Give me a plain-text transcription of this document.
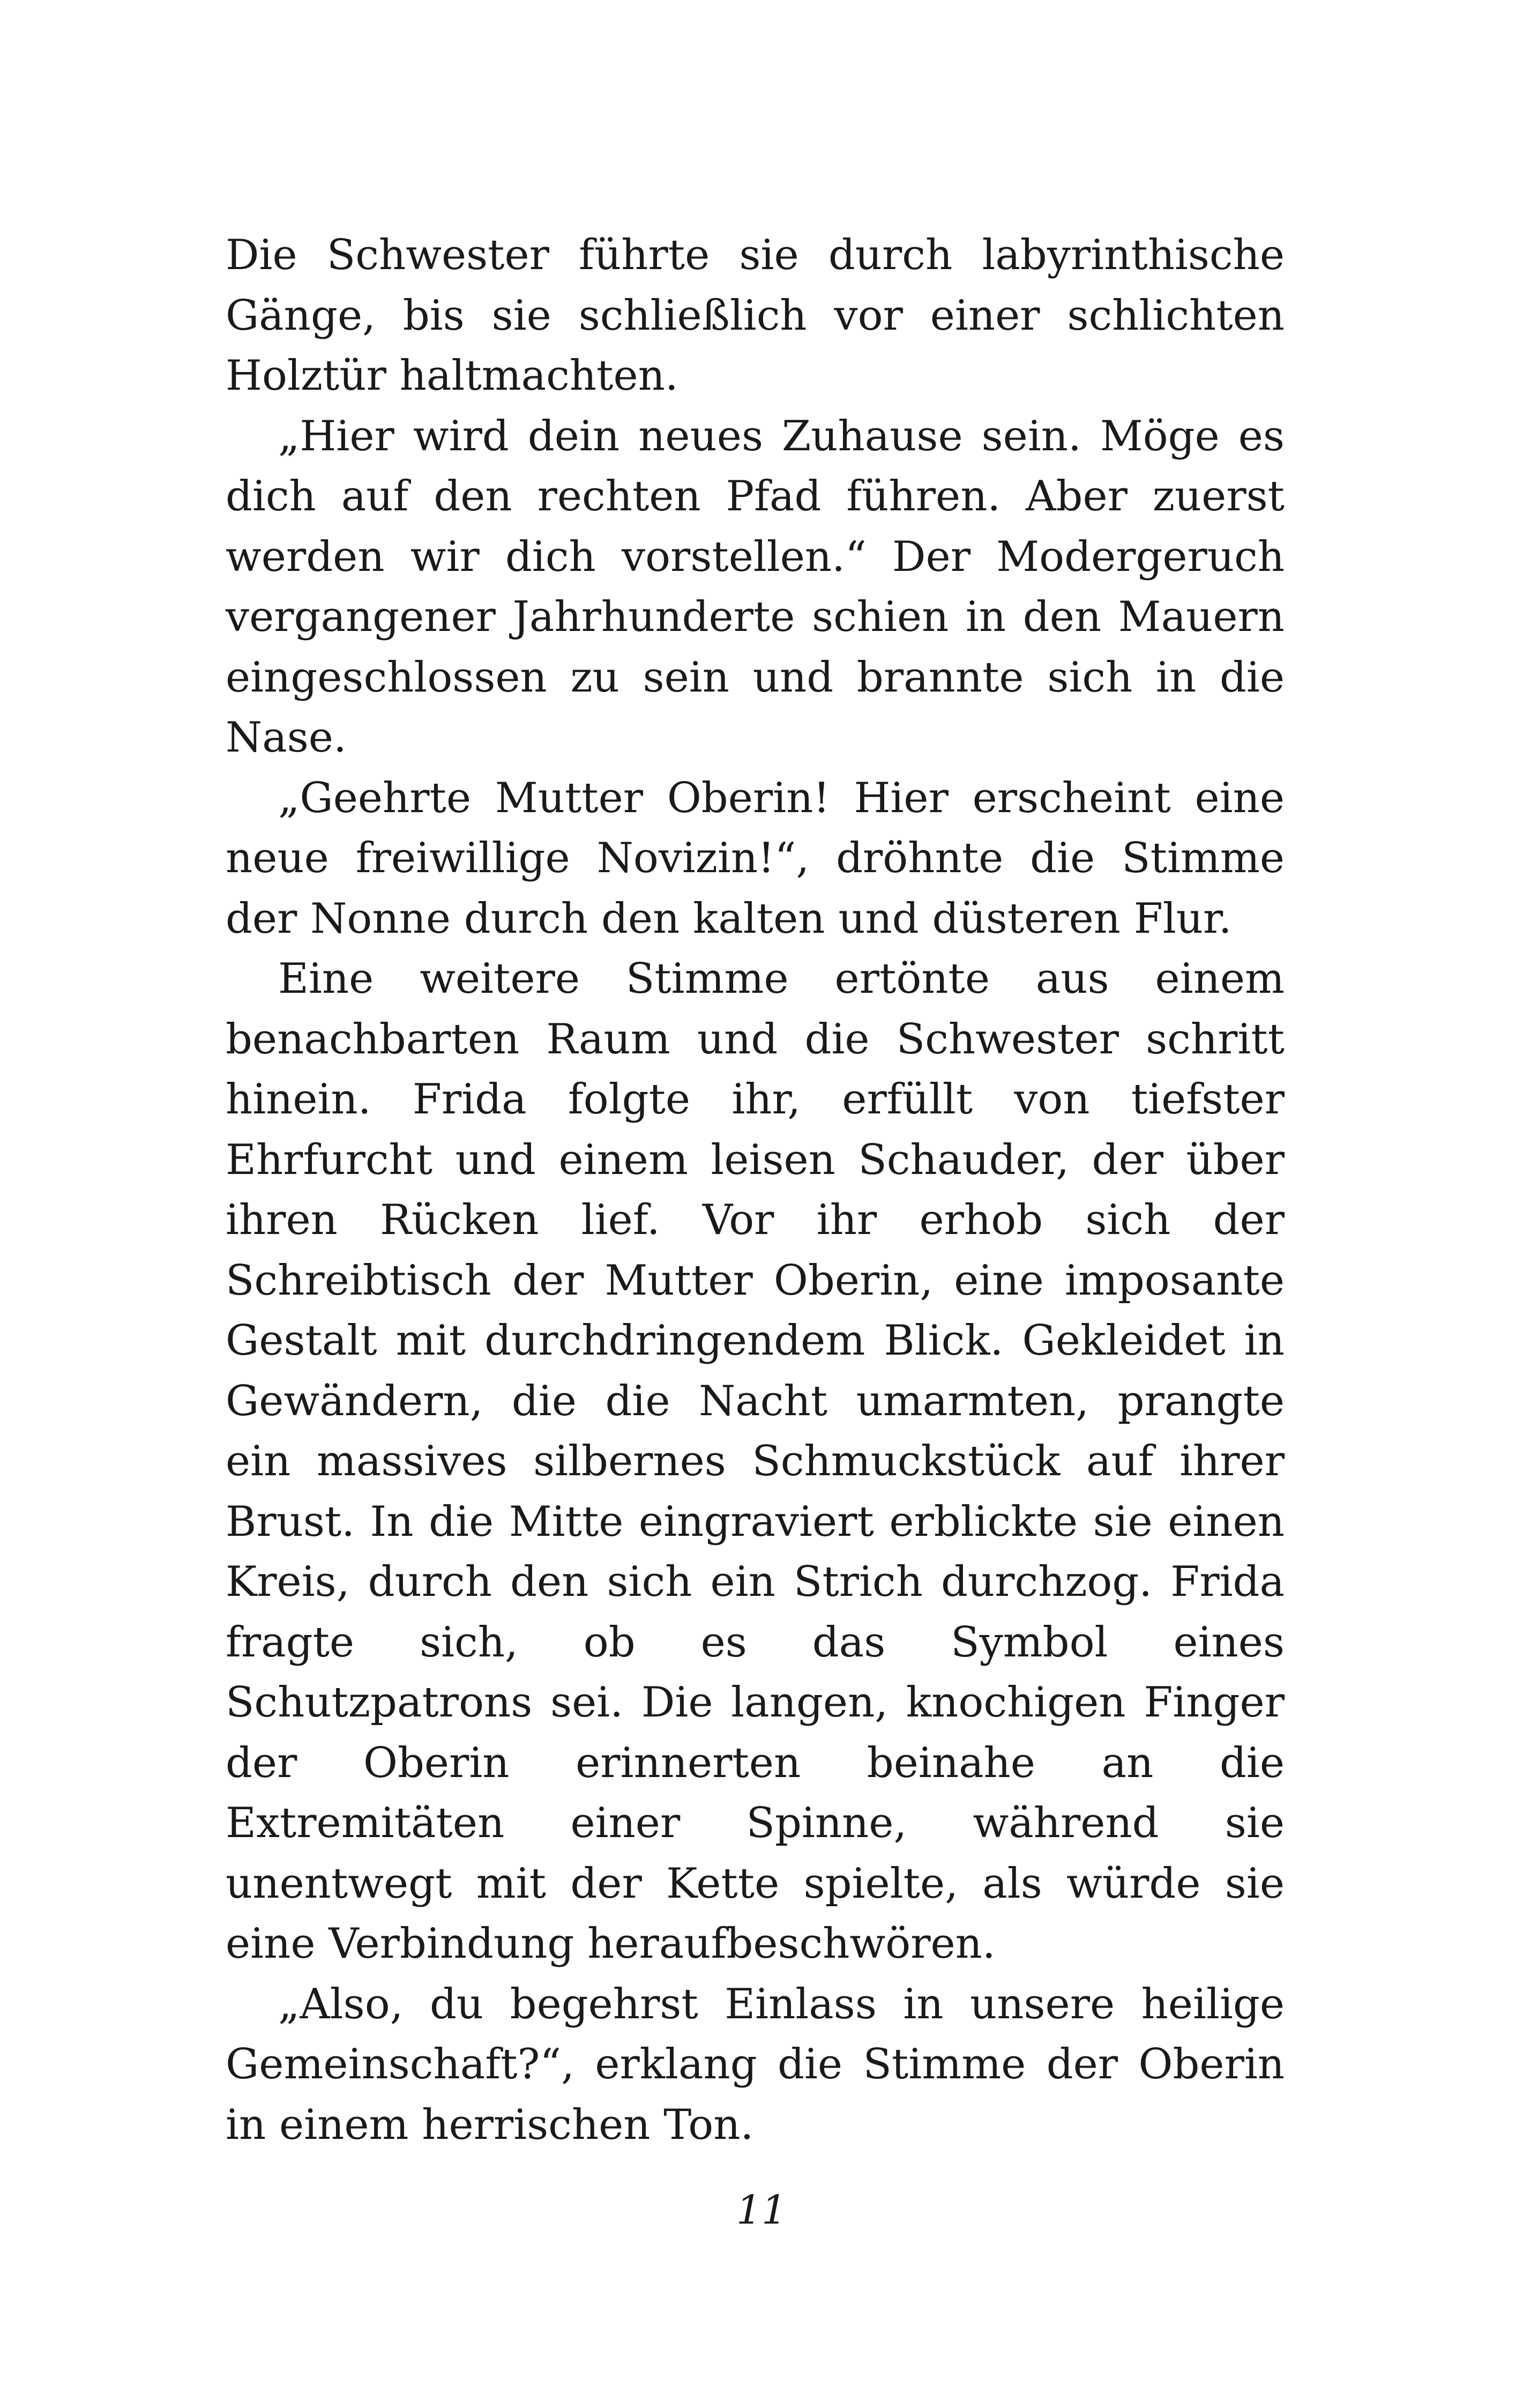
Die Schwester führte sie durch labyrinthische Gänge, bis sie schließlich vor einer schlichten Holztür haltmachten.

„Hier wird dein neues Zuhause sein. Möge es dich auf den rechten Pfad führen. Aber zuerst werden wir dich vorstellen.“ Der Modergeruch vergangener Jahrhunderte schien in den Mauern eingeschlossen zu sein und brannte sich in die Nase.

„Geehrte Mutter Oberin! Hier erscheint eine neue freiwillige Novizin!“, dröhnte die Stimme der Nonne durch den kalten und düsteren Flur.

Eine weitere Stimme ertönte aus einem benachbarten Raum und die Schwester schritt hinein. Frida folgte ihr, erfüllt von tiefster Ehrfurcht und einem leisen Schauder, der über ihren Rücken lief. Vor ihr erhob sich der Schreibtisch der Mutter Oberin, eine imposante Gestalt mit durchdringendem Blick. Gekleidet in Gewändern, die die Nacht umarmten, prangte ein massives silbernes Schmuckstück auf ihrer Brust. In die Mitte eingraviert erblickte sie einen Kreis, durch den sich ein Strich durchzog. Frida fragte sich, ob es das Symbol eines Schutzpatrons sei. Die langen, knochigen Finger der Oberin erinnerten beinahe an die Extremitäten einer Spinne, während sie unentwegt mit der Kette spielte, als würde sie eine Verbindung heraufbeschwören.

„Also, du begehrst Einlass in unsere heilige Gemeinschaft?“, erklang die Stimme der Oberin in einem herrischen Ton.

11
